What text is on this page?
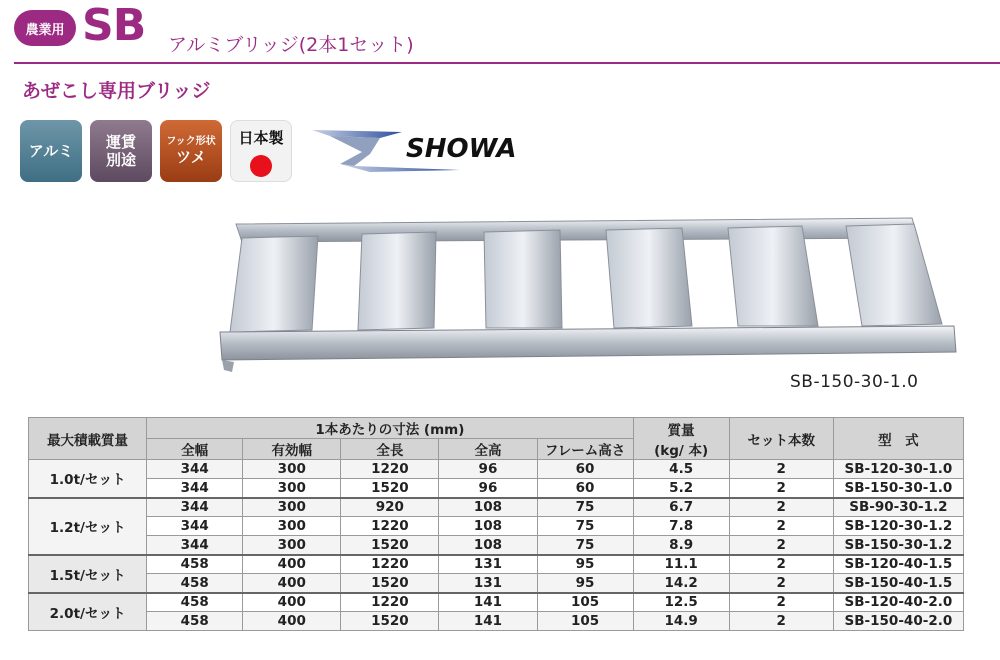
農業用 SB アルミブリッジ(2本1セット)
あぜこし専用ブリッジ
アルミ 運賃
別途
フック形状
ツメ
日本製	SHOWA
SB-150-30-1.0
最大積載質量	1本あたりの寸法 (mm)					質量
(kg/ 本)	セット本数	型　式
	全幅	有効幅	全長	全高	フレーム高さ			
1.0t/セット	344	300	1220	96	60	4.5	2	SB-120-30-1.0
	344	300	1520	96	60	5.2	2	SB-150-30-1.0
1.2t/セット	344	300	920	108	75	6.7	2	SB-90-30-1.2
	344	300	1220	108	75	7.8	2	SB-120-30-1.2
	344	300	1520	108	75	8.9	2	SB-150-30-1.2
1.5t/セット	458	400	1220	131	95	11.1	2	SB-120-40-1.5
	458	400	1520	131	95	14.2	2	SB-150-40-1.5
2.0t/セット	458	400	1220	141	105	12.5	2	SB-120-40-2.0
	458	400	1520	141	105	14.9	2	SB-150-40-2.0
